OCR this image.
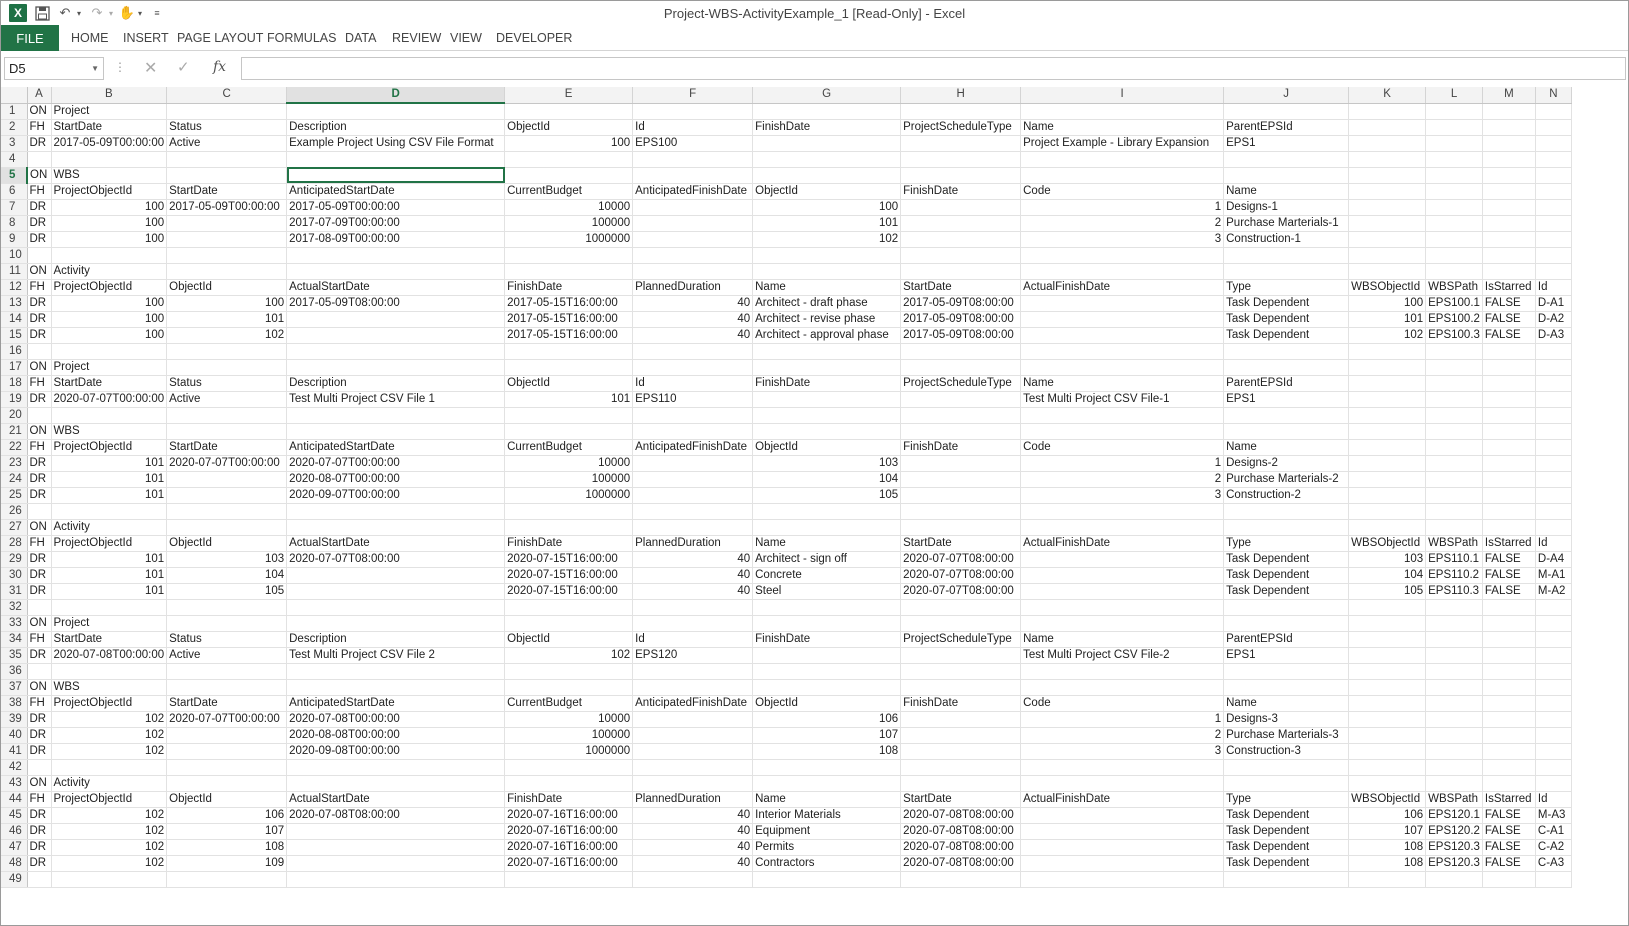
X	↶ ▾ ↷ ▾ ✋ ▾	≡	Project-WBS-ActivityExample_1 [Read-Only] - Excel
FILE	HOME INSERT PAGE LAYOUT FORMULAS DATA REVIEW VIEW DEVELOPER
D5	▼ ⋮ ✕ ✓ fx
	A	B	C	D	E	F	G	H	I	J	K	L	M	N
1	ON	Project												
2	FH	StartDate	Status	Description	ObjectId	Id	FinishDate	ProjectScheduleType	Name	ParentEPSId				
3	DR	2017-05-09T00:00:00	Active	Example Project Using CSV File Format	100	EPS100			Project Example - Library Expansion	EPS1				
4														
5	ON	WBS												
6	FH	ProjectObjectId	StartDate	AnticipatedStartDate	CurrentBudget	AnticipatedFinishDate	ObjectId	FinishDate	Code	Name				
7	DR	100	2017-05-09T00:00:00	2017-05-09T00:00:00	10000		100		1	Designs-1				
8	DR	100		2017-07-09T00:00:00	100000		101		2	Purchase Marterials-1				
9	DR	100		2017-08-09T00:00:00	1000000		102		3	Construction-1				
10														
11	ON	Activity												
12	FH	ProjectObjectId	ObjectId	ActualStartDate	FinishDate	PlannedDuration	Name	StartDate	ActualFinishDate	Type	WBSObjectId	WBSPath	IsStarred	Id
13	DR	100	100	2017-05-09T08:00:00	2017-05-15T16:00:00	40	Architect - draft phase	2017-05-09T08:00:00		Task Dependent	100	EPS100.1	FALSE	D-A1
14	DR	100	101		2017-05-15T16:00:00	40	Architect - revise phase	2017-05-09T08:00:00		Task Dependent	101	EPS100.2	FALSE	D-A2
15	DR	100	102		2017-05-15T16:00:00	40	Architect - approval phase	2017-05-09T08:00:00		Task Dependent	102	EPS100.3	FALSE	D-A3
16														
17	ON	Project												
18	FH	StartDate	Status	Description	ObjectId	Id	FinishDate	ProjectScheduleType	Name	ParentEPSId				
19	DR	2020-07-07T00:00:00	Active	Test Multi Project CSV File 1	101	EPS110			Test Multi Project CSV File-1	EPS1				
20														
21	ON	WBS												
22	FH	ProjectObjectId	StartDate	AnticipatedStartDate	CurrentBudget	AnticipatedFinishDate	ObjectId	FinishDate	Code	Name				
23	DR	101	2020-07-07T00:00:00	2020-07-07T00:00:00	10000		103		1	Designs-2				
24	DR	101		2020-08-07T00:00:00	100000		104		2	Purchase Marterials-2				
25	DR	101		2020-09-07T00:00:00	1000000		105		3	Construction-2				
26														
27	ON	Activity												
28	FH	ProjectObjectId	ObjectId	ActualStartDate	FinishDate	PlannedDuration	Name	StartDate	ActualFinishDate	Type	WBSObjectId	WBSPath	IsStarred	Id
29	DR	101	103	2020-07-07T08:00:00	2020-07-15T16:00:00	40	Architect - sign off	2020-07-07T08:00:00		Task Dependent	103	EPS110.1	FALSE	D-A4
30	DR	101	104		2020-07-15T16:00:00	40	Concrete	2020-07-07T08:00:00		Task Dependent	104	EPS110.2	FALSE	M-A1
31	DR	101	105		2020-07-15T16:00:00	40	Steel	2020-07-07T08:00:00		Task Dependent	105	EPS110.3	FALSE	M-A2
32														
33	ON	Project												
34	FH	StartDate	Status	Description	ObjectId	Id	FinishDate	ProjectScheduleType	Name	ParentEPSId				
35	DR	2020-07-08T00:00:00	Active	Test Multi Project CSV File 2	102	EPS120			Test Multi Project CSV File-2	EPS1				
36														
37	ON	WBS												
38	FH	ProjectObjectId	StartDate	AnticipatedStartDate	CurrentBudget	AnticipatedFinishDate	ObjectId	FinishDate	Code	Name				
39	DR	102	2020-07-07T00:00:00	2020-07-08T00:00:00	10000		106		1	Designs-3				
40	DR	102		2020-08-08T00:00:00	100000		107		2	Purchase Marterials-3				
41	DR	102		2020-09-08T00:00:00	1000000		108		3	Construction-3				
42														
43	ON	Activity												
44	FH	ProjectObjectId	ObjectId	ActualStartDate	FinishDate	PlannedDuration	Name	StartDate	ActualFinishDate	Type	WBSObjectId	WBSPath	IsStarred	Id
45	DR	102	106	2020-07-08T08:00:00	2020-07-16T16:00:00	40	Interior Materials	2020-07-08T08:00:00		Task Dependent	106	EPS120.1	FALSE	M-A3
46	DR	102	107		2020-07-16T16:00:00	40	Equipment	2020-07-08T08:00:00		Task Dependent	107	EPS120.2	FALSE	C-A1
47	DR	102	108		2020-07-16T16:00:00	40	Permits	2020-07-08T08:00:00		Task Dependent	108	EPS120.3	FALSE	C-A2
48	DR	102	109		2020-07-16T16:00:00	40	Contractors	2020-07-08T08:00:00		Task Dependent	108	EPS120.3	FALSE	C-A3
49														
